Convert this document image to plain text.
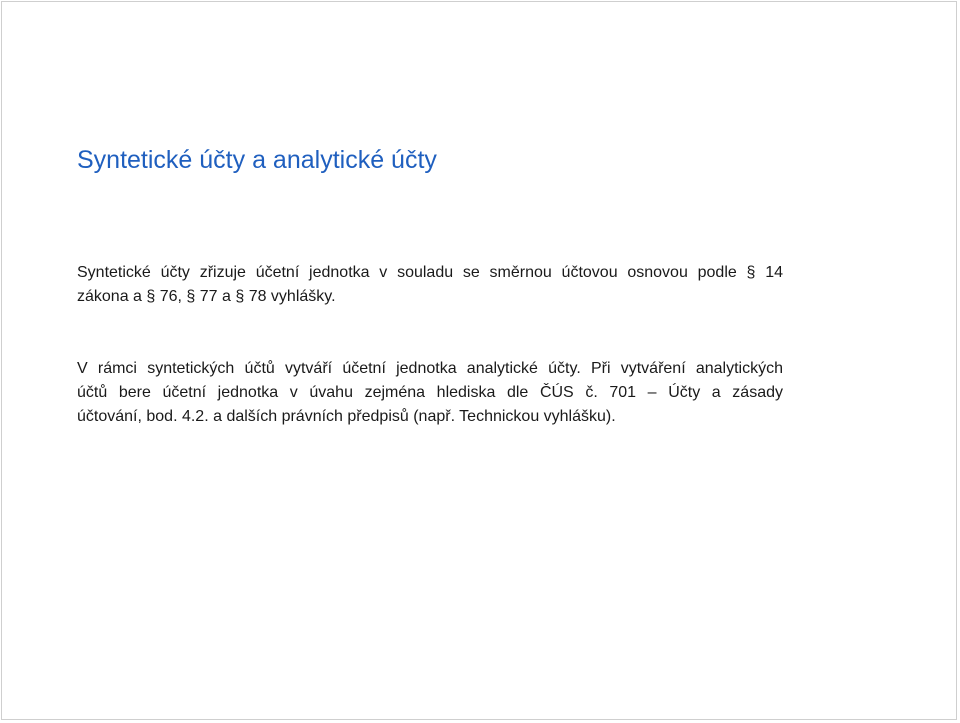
Syntetické účty a analytické účty
Syntetické účty zřizuje účetní jednotka v souladu se směrnou účtovou osnovou podle § 14
zákona a § 76, § 77 a § 78 vyhlášky.
V rámci syntetických účtů vytváří účetní jednotka analytické účty. Při vytváření analytických
účtů bere účetní jednotka v úvahu zejména hlediska dle ČÚS č. 701 – Účty a zásady
účtování, bod. 4.2. a dalších právních předpisů (např. Technickou vyhlášku).
